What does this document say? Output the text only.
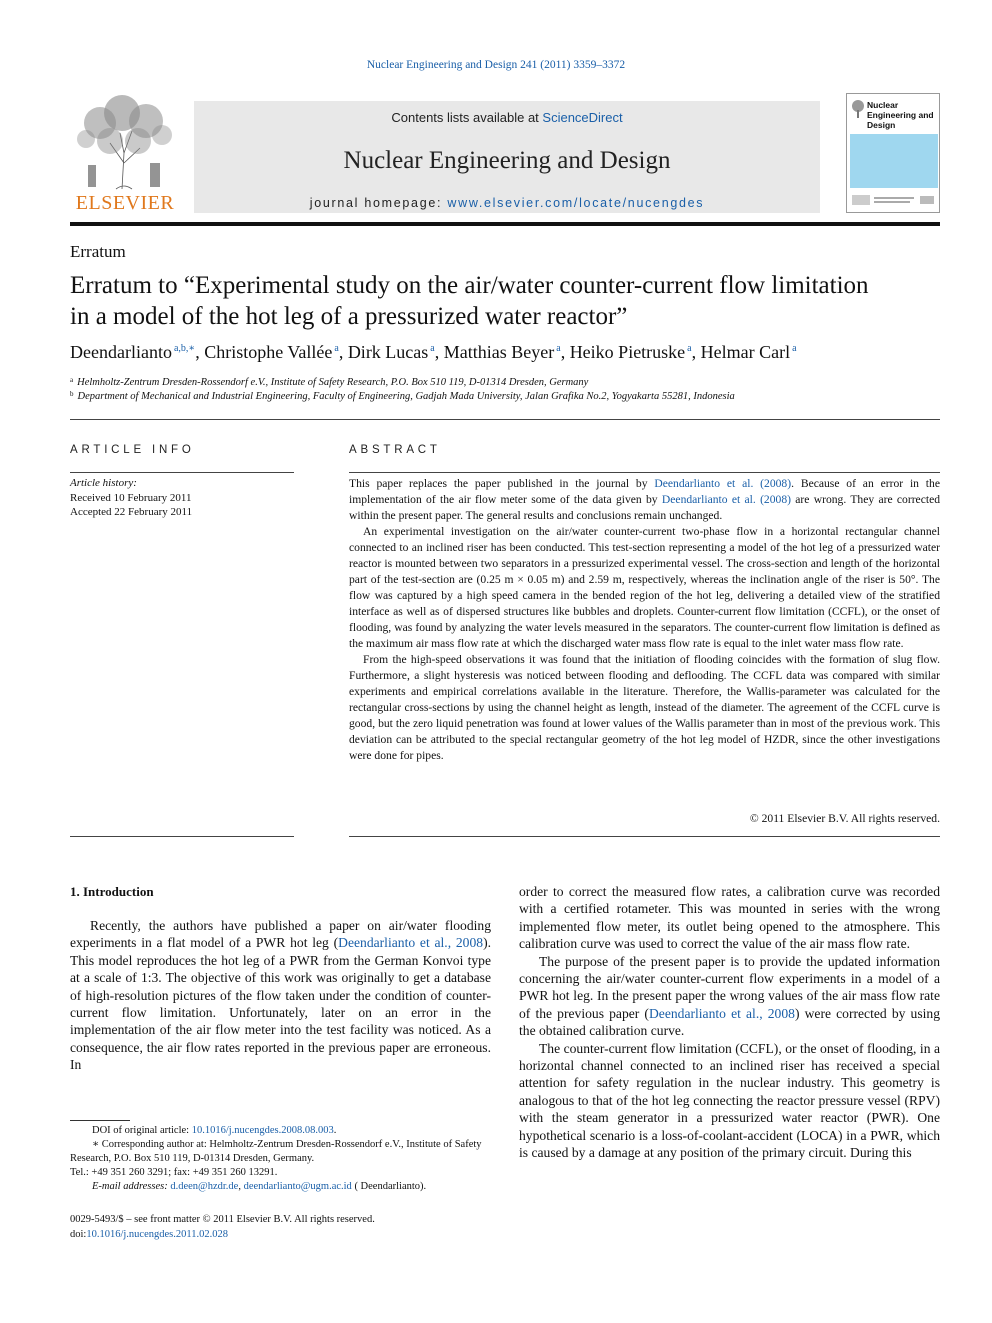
Nuclear Engineering and Design 241 (2011) 3359–3372
ELSEVIER
Contents lists available at ScienceDirect
Nuclear Engineering and Design
journal homepage: www.elsevier.com/locate/nucengdes
Nuclear Engineering and Design
Erratum
Erratum to “Experimental study on the air/water counter-current flow limitation
in a model of the hot leg of a pressurized water reactor”
Deendarlianto $^{a,b,∗}$, Christophe Vallée $^a$, Dirk Lucas $^a$, Matthias Beyer $^a$, Heiko Pietruske $^a$, Helmar Carl $^a$
$^a$ Helmholtz-Zentrum Dresden-Rossendorf e.V., Institute of Safety Research, P.O. Box 510 119, D-01314 Dresden, Germany
$^b$ Department of Mechanical and Industrial Engineering, Faculty of Engineering, Gadjah Mada University, Jalan Grafika No.2, Yogyakarta 55281, Indonesia
ARTICLE INFO	ABSTRACT
Article history:
Received 10 February 2011
Accepted 22 February 2011

This paper replaces the paper published in the journal by Deendarlianto et al. (2008). Because of an error in the implementation of the air flow meter some of the data given by Deendarlianto et al. (2008) are wrong. They are corrected within the present paper. The general results and conclusions remain unchanged.

An experimental investigation on the air/water counter-current two-phase flow in a horizontal rectangular channel connected to an inclined riser has been conducted. This test-section representing a model of the hot leg of a pressurized water reactor is mounted between two separators in a pressurized experimental vessel. The cross-section and length of the horizontal part of the test-section are (0.25 m × 0.05 m) and 2.59 m, respectively, whereas the inclination angle of the riser is 50°. The flow was captured by a high speed camera in the bended region of the hot leg, delivering a detailed view of the stratified interface as well as of dispersed structures like bubbles and droplets. Counter-current flow limitation (CCFL), or the onset of flooding, was found by analyzing the water levels measured in the separators. The counter-current flow limitation is defined as the maximum air mass flow rate at which the discharged water mass flow rate is equal to the inlet water mass flow rate.

From the high-speed observations it was found that the initiation of flooding coincides with the formation of slug flow. Furthermore, a slight hysteresis was noticed between flooding and deflooding. The CCFL data was compared with similar experiments and empirical correlations available in the literature. Therefore, the Wallis-parameter was calculated for the rectangular cross-sections by using the channel height as length, instead of the diameter. The agreement of the CCFL curve is good, but the zero liquid penetration was found at lower values of the Wallis parameter than in most of the previous work. This deviation can be attributed to the special rectangular geometry of the hot leg model of HZDR, since the other investigations were done for pipes.

© 2011 Elsevier B.V. All rights reserved.
1. Introduction

Recently, the authors have published a paper on air/water flooding experiments in a flat model of a PWR hot leg (Deendarlianto et al., 2008). This model reproduces the hot leg of a PWR from the German Konvoi type at a scale of 1:3. The objective of this work was originally to get a database of high-resolution pictures of the flow taken under the condition of counter-current flow limitation. Unfortunately, later on an error in the implementation of the air flow meter into the test facility was noticed. As a consequence, the air flow rates reported in the previous paper are erroneous. In

order to correct the measured flow rates, a calibration curve was recorded with a certified rotameter. This was mounted in series with the wrong implemented flow meter, its outlet being opened to the atmosphere. This calibration curve was used to correct the value of the air mass flow rate.

The purpose of the present paper is to provide the updated information concerning the air/water counter-current flow experiments in a model of a PWR hot leg. In the present paper the wrong values of the air mass flow rate of the previous paper (Deendarlianto et al., 2008) were corrected by using the obtained calibration curve.

The counter-current flow limitation (CCFL), or the onset of flooding, in a horizontal channel connected to an inclined riser has received a special attention for safety regulation in the nuclear industry. This geometry is analogous to that of the hot leg connecting the reactor pressure vessel (RPV) with the steam generator in a pressurized water reactor (PWR). One hypothetical scenario is a loss-of-coolant-accident (LOCA) in a PWR, which is caused by a damage at any position of the primary circuit. During this

DOI of original article: 10.1016/j.nucengdes.2008.08.003.
∗ Corresponding author at: Helmholtz-Zentrum Dresden-Rossendorf e.V., Institute of Safety Research, P.O. Box 510 119, D-01314 Dresden, Germany.
Tel.: +49 351 260 3291; fax: +49 351 260 13291.
E-mail addresses: d.deen@hzdr.de, deendarlianto@ugm.ac.id ( Deendarlianto).
0029-5493/$ – see front matter © 2011 Elsevier B.V. All rights reserved.
doi:10.1016/j.nucengdes.2011.02.028
